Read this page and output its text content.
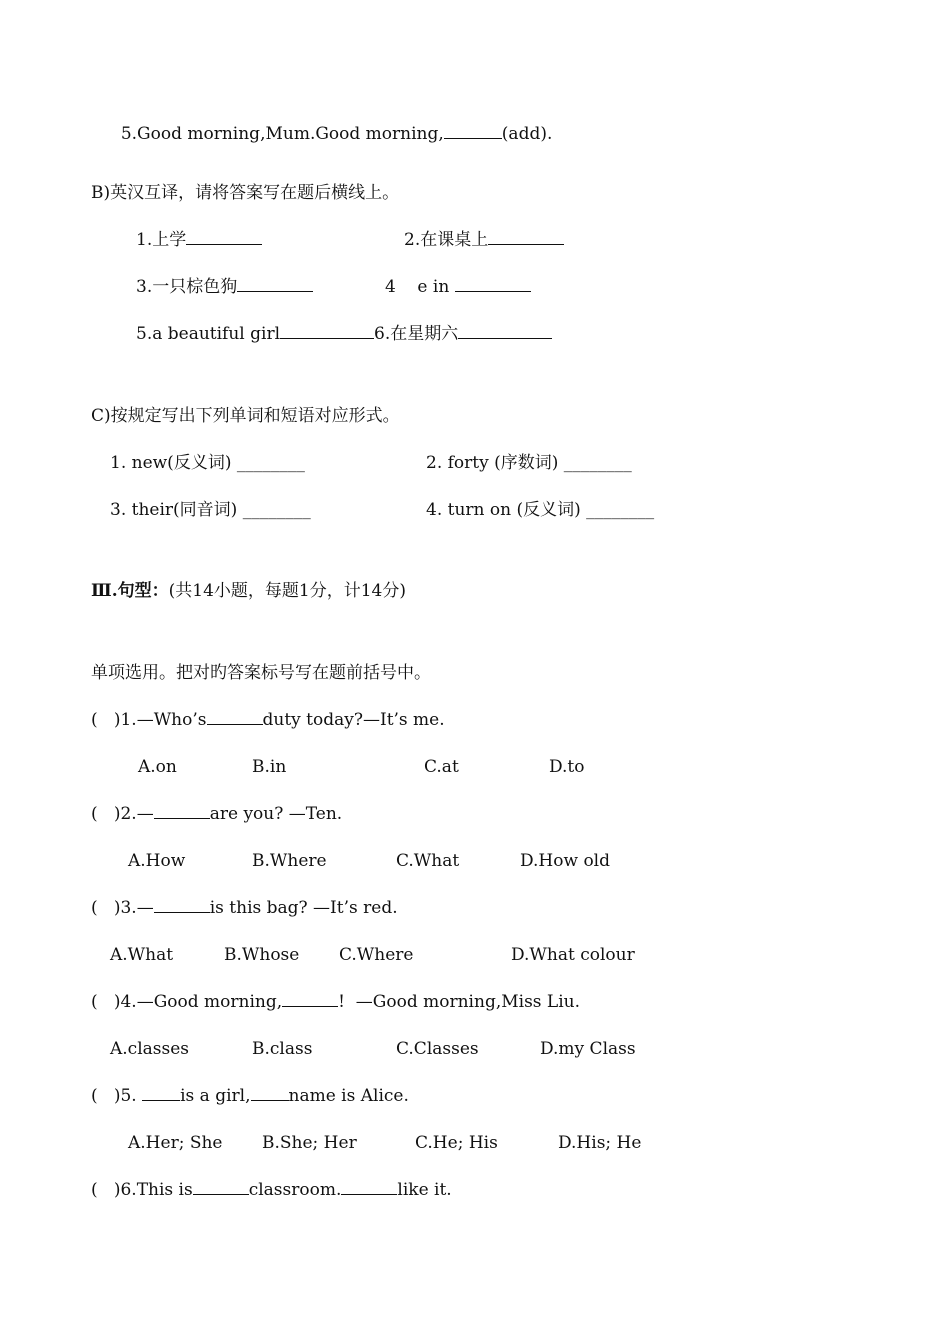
5.Good morning,Mum.Good morning,	(add).

B)英汉互译，请将答案写在题后横线上。
1.上学	2.在课桌上
3.一只棕色狗	4    e in
5.a beautiful girl	6.在星期六
C)按规定写出下列单词和短语对应形式。
1. new(反义词) ________	2. forty (序数词) ________
3. their(同音词) ________	4. turn on (反义词) ________
Ⅲ.句型：(共14小题，每题1分，计14分)
单项选用。把对旳答案标号写在题前括号中。
(   )1.—Who’s	duty today?—It’s me.
A.on	B.in	C.at	D.to
(   )2.—	are you? —Ten.
A.How	B.Where	C.What	D.How old
(   )3.—	is this bag? —It’s red.
A.What	B.Whose C.Where	D.What colour
(   )4.—Good morning,	!  —Good morning,Miss Liu.
A.classes	B.class	C.Classes	D.my Class
(   )5. is a girl, name is Alice.
A.Her; She B.She; Her	C.He; His	D.His; He
(   )6.This is	classroom.	like it.
